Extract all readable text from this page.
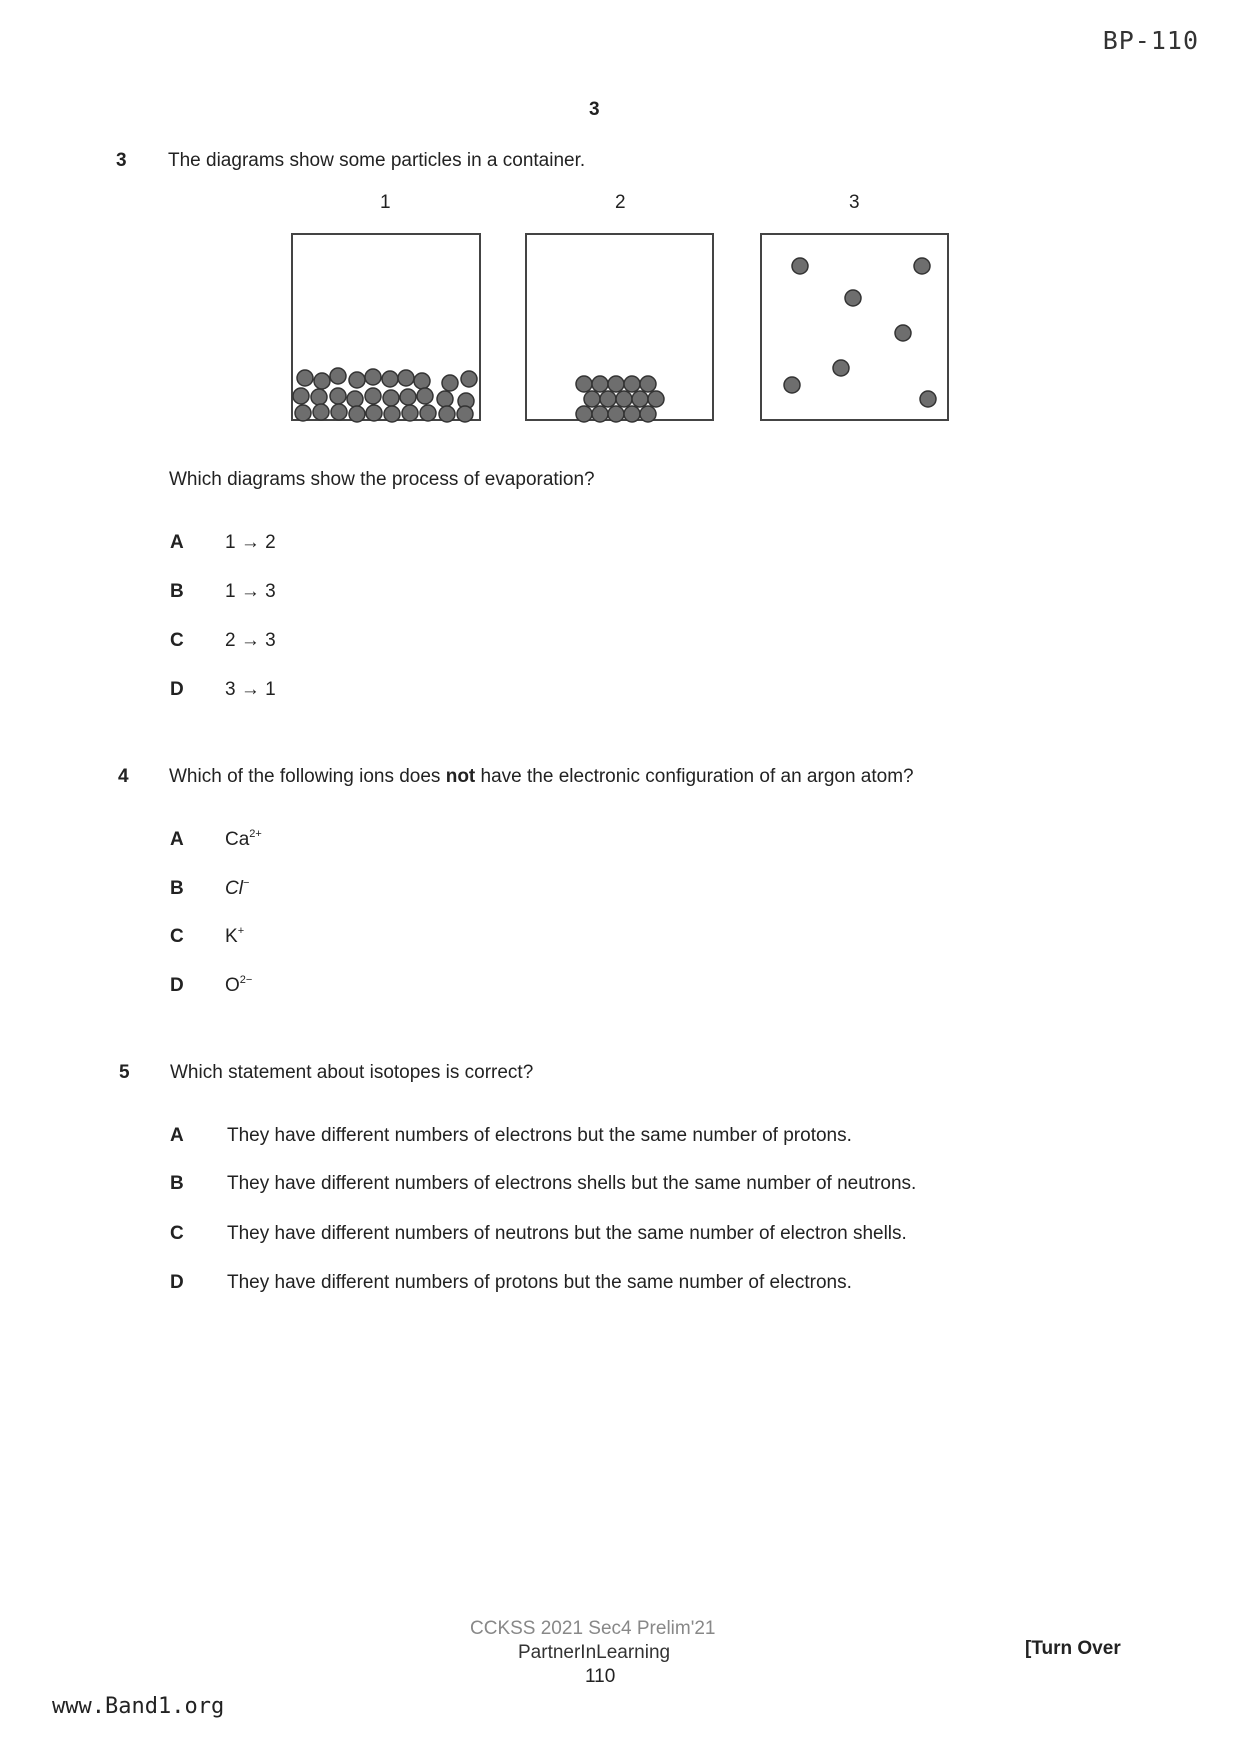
BP-110
3
3 The diagrams show some particles in a container.
1	2	3
Which diagrams show the process of evaporation?
A 1 → 2
B 1 → 3
C 2 → 3
D 3 → 1
4 Which of the following ions does not have the electronic configuration of an argon atom?
A $Ca^{2+}$
B Cl−
C K+
D $O^{2-}$
5 Which statement about isotopes is correct?
A They have different numbers of electrons but the same number of protons.
B They have different numbers of electrons shells but the same number of neutrons.
C They have different numbers of neutrons but the same number of electron shells.
D They have different numbers of protons but the same number of electrons.
CCKSS 2021 Sec4 Prelim'21
PartnerInLearning
110
[Turn Over
www.Band1.org
